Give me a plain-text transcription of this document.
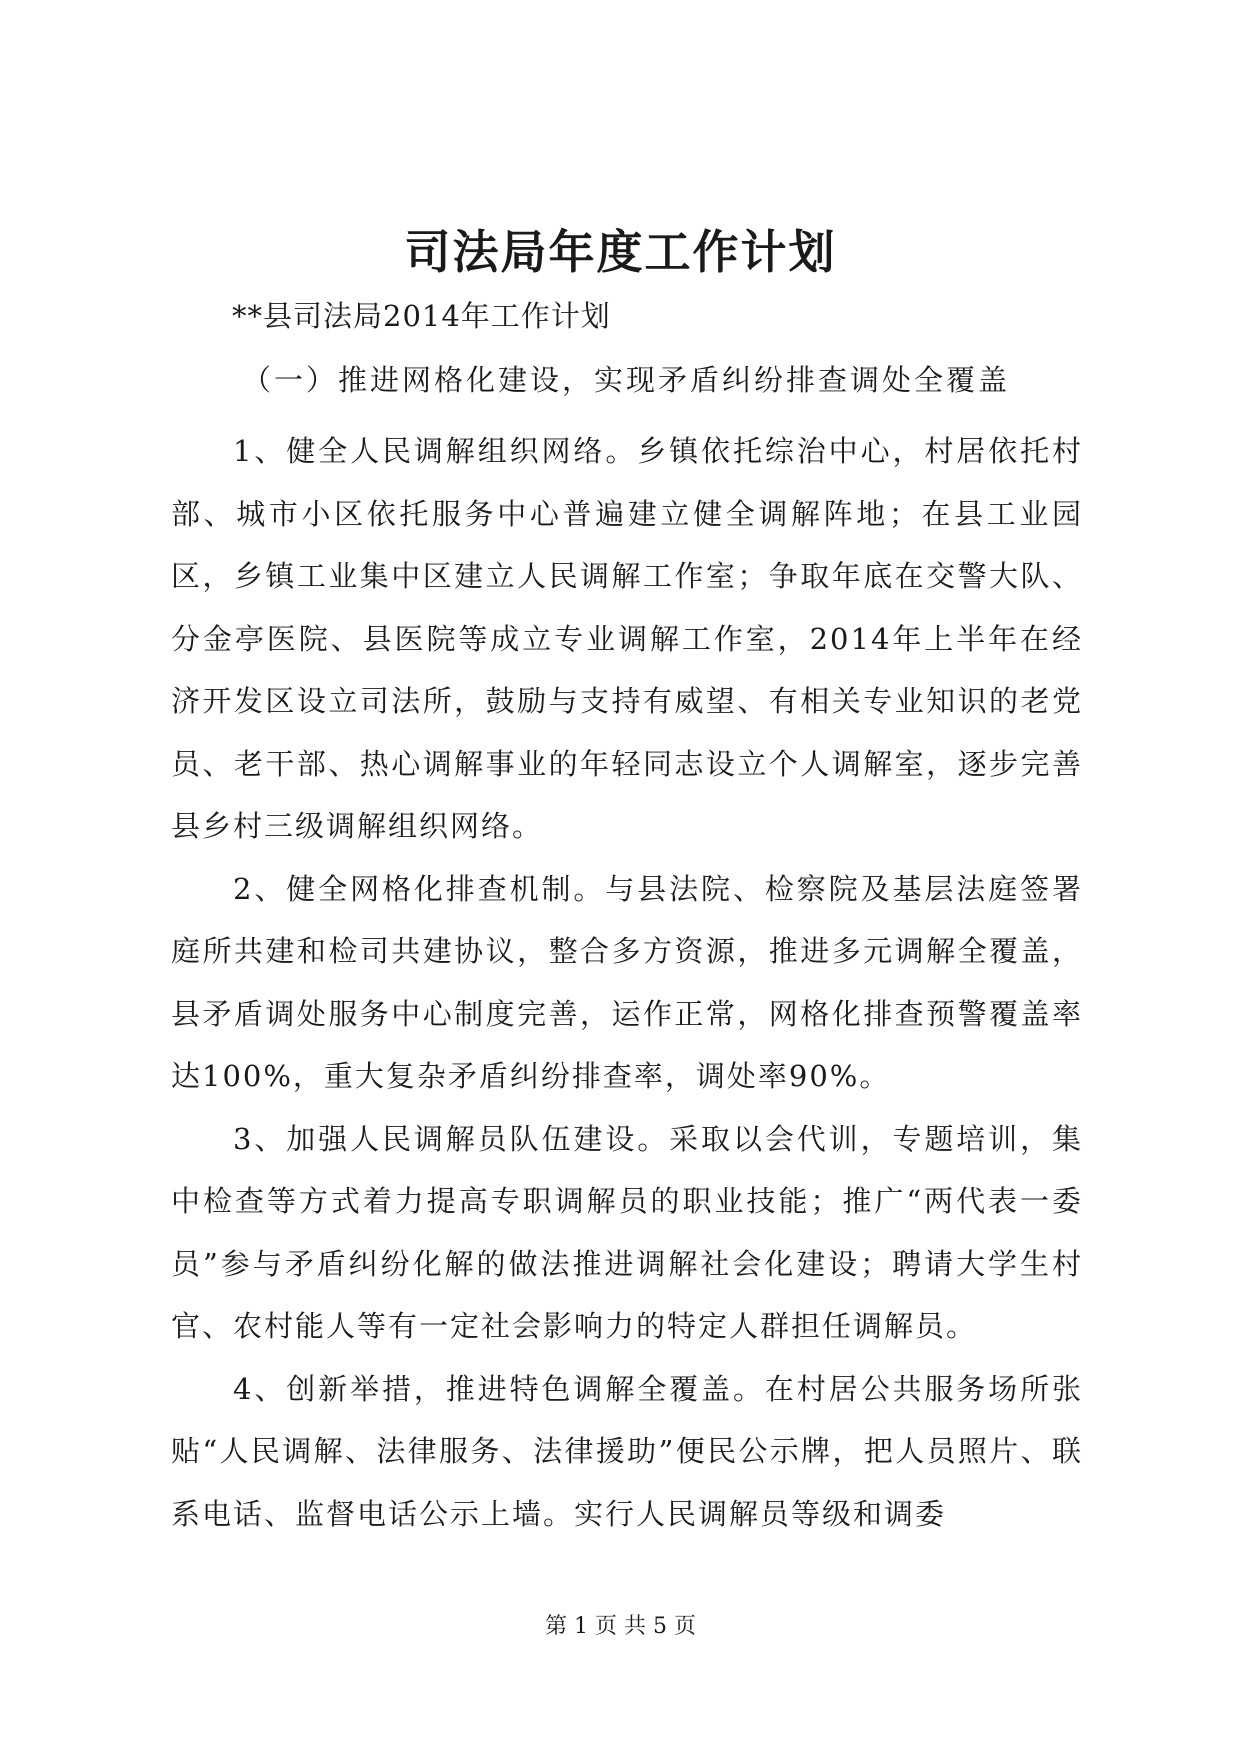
司法局年度工作计划
**县司法局2014年工作计划
（一）推进网格化建设，实现矛盾纠纷排查调处全覆盖

1、健全人民调解组织网络。乡镇依托综治中心，村居依托村部、城市小区依托服务中心普遍建立健全调解阵地；在县工业园区，乡镇工业集中区建立人民调解工作室；争取年底在交警大队、分金亭医院、县医院等成立专业调解工作室，2014年上半年在经济开发区设立司法所，鼓励与支持有威望、有相关专业知识的老党员、老干部、热心调解事业的年轻同志设立个人调解室，逐步完善县乡村三级调解组织网络。

2、健全网格化排查机制。与县法院、检察院及基层法庭签署庭所共建和检司共建协议，整合多方资源，推进多元调解全覆盖，县矛盾调处服务中心制度完善，运作正常，网格化排查预警覆盖率达100%，重大复杂矛盾纠纷排查率，调处率90%。

3、加强人民调解员队伍建设。采取以会代训，专题培训，集中检查等方式着力提高专职调解员的职业技能；推广“两代表一委员”参与矛盾纠纷化解的做法推进调解社会化建设；聘请大学生村官、农村能人等有一定社会影响力的特定人群担任调解员。

4、创新举措，推进特色调解全覆盖。在村居公共服务场所张贴“人民调解、法律服务、法律援助”便民公示牌，把人员照片、联系电话、监督电话公示上墙。实行人民调解员等级和调委

第 1 页 共 5 页
